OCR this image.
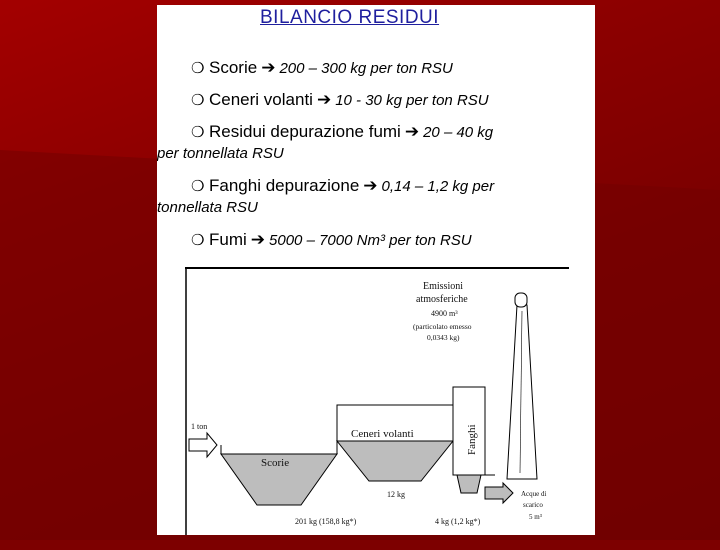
BILANCIO RESIDUI
❍ Scorie ➔ 200 – 300 kg per ton RSU
❍ Ceneri volanti ➔ 10 - 30 kg per ton RSU
❍ Residui depurazione fumi ➔ 20 – 40 kg
per tonnellata RSU
❍ Fanghi depurazione ➔ 0,14 – 1,2 kg per
tonnellata RSU
❍ Fumi ➔ 5000 – 7000 Nm³ per ton RSU
1 ton
Scorie
Ceneri volanti	Fanghi
Emissioni
atmosferiche
4900 m³
(particolato emesso
0,0343 kg)
12 kg
201 kg (158,8 kg*)	4 kg (1,2 kg*)
Acque di
scarico
5 m³
